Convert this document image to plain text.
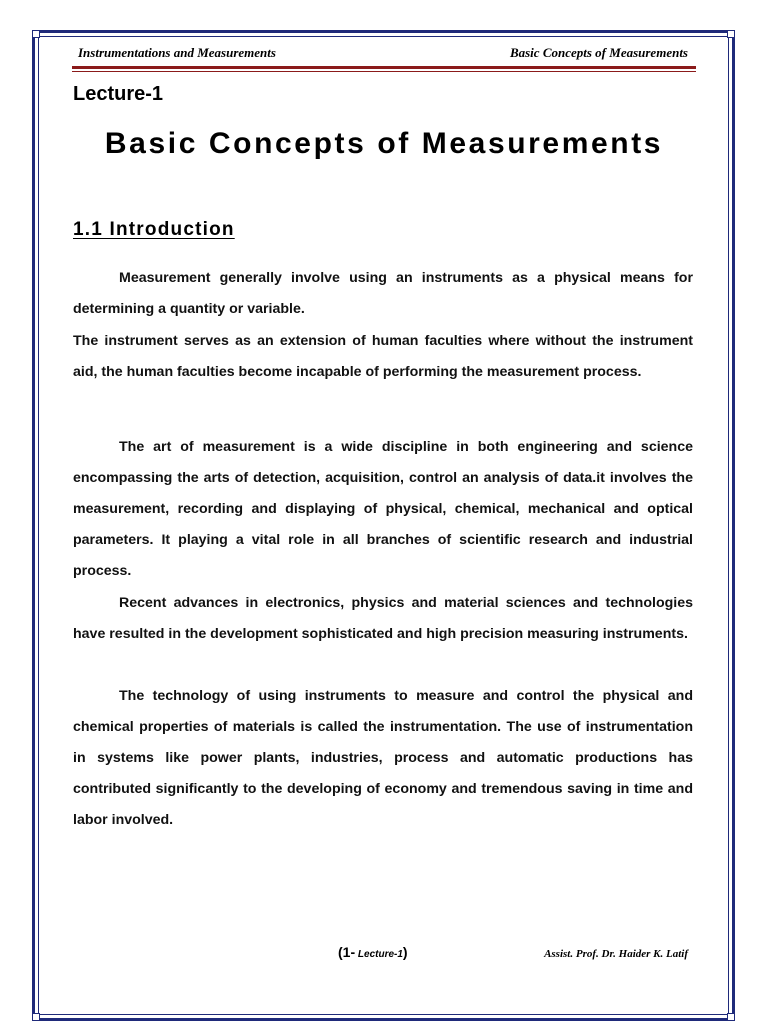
Instrumentations and Measurements	Basic Concepts of Measurements
Lecture-1
Basic Concepts of Measurements
1.1 Introduction
Measurement generally involve using an instruments as a physical means for determining a quantity or variable.
The instrument serves as an extension of human faculties where without the instrument aid, the human faculties become incapable of performing the measurement process.
The art of measurement is a wide discipline in both engineering and science encompassing the arts of detection, acquisition, control an analysis of data.it involves the measurement, recording and displaying of physical, chemical, mechanical and optical parameters. It playing a vital role in all branches of scientific research and industrial process.
Recent advances in electronics, physics and material sciences and technologies have resulted in the development sophisticated and high precision measuring instruments.
The technology of using instruments to measure and control the physical and chemical properties of materials is called the instrumentation. The use of instrumentation in systems like power plants, industries, process and automatic productions has contributed significantly to the developing of economy and tremendous saving in time and labor involved.
(1- Lecture-1)	Assist. Prof. Dr. Haider K. Latif
